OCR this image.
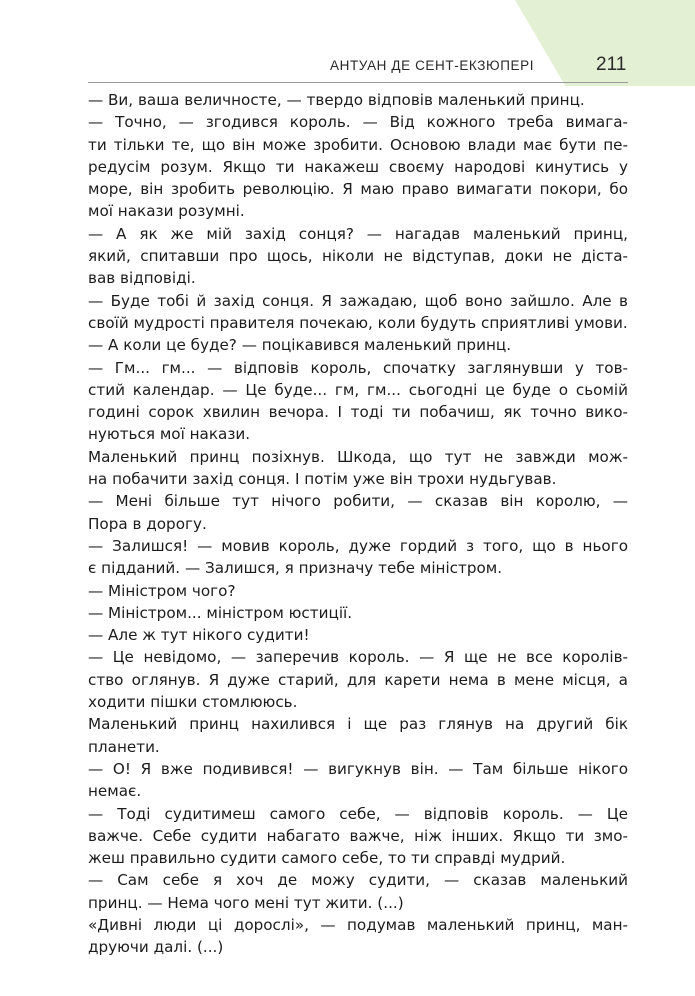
АНТУАН ДЕ СЕНТ-ЕКЗЮПЕРІ	211

— Ви, ваша величносте, — твердо відповів маленький принц.

— Точно, — згодився король. — Від кожного треба вимага-
ти тільки те, що він може зробити. Основою влади має бути пе-
редусім розум. Якщо ти накажеш своєму народові кинутись у
море, він зробить революцію. Я маю право вимагати покори, бо
мої накази розумні.

— А як же мій захід сонця? — нагадав маленький принц,
який, спитавши про щось, ніколи не відступав, доки не діста-
вав відповіді.

— Буде тобі й захід сонця. Я зажадаю, щоб воно зайшло. Але в
своїй мудрості правителя почекаю, коли будуть сприятливі умови.

— А коли це буде? — поцікавився маленький принц.

— Гм... гм... — відповів король, спочатку заглянувши у тов-
стий календар. — Це буде... гм, гм... сьогодні це буде о сьомій
годині сорок хвилин вечора. І тоді ти побачиш, як точно вико-
нуються мої накази.

Маленький принц позіхнув. Шкода, що тут не завжди мож-
на побачити захід сонця. І потім уже він трохи нудьгував.

— Мені більше тут нічого робити, — сказав він королю, —
Пора в дорогу.

— Залишся! — мовив король, дуже гордий з того, що в нього
є підданий. — Залишся, я призначу тебе міністром.

— Міністром чого?

— Міністром... міністром юстиції.

— Але ж тут нікого судити!

— Це невідомо, — заперечив король. — Я ще не все королів-
ство оглянув. Я дуже старий, для карети нема в мене місця, а
ходити пішки стомлююсь.

Маленький принц нахилився і ще раз глянув на другий бік
планети.

— О! Я вже подивився! — вигукнув він. — Там більше нікого
немає.

— Тоді судитимеш самого себе, — відповів король. — Це
важче. Себе судити набагато важче, ніж інших. Якщо ти змо-
жеш правильно судити самого себе, то ти справді мудрий.

— Сам себе я хоч де можу судити, — сказав маленький
принц. — Нема чого мені тут жити. (...)

«Дивні люди ці дорослі», — подумав маленький принц, ман-
друючи далі. (...)
